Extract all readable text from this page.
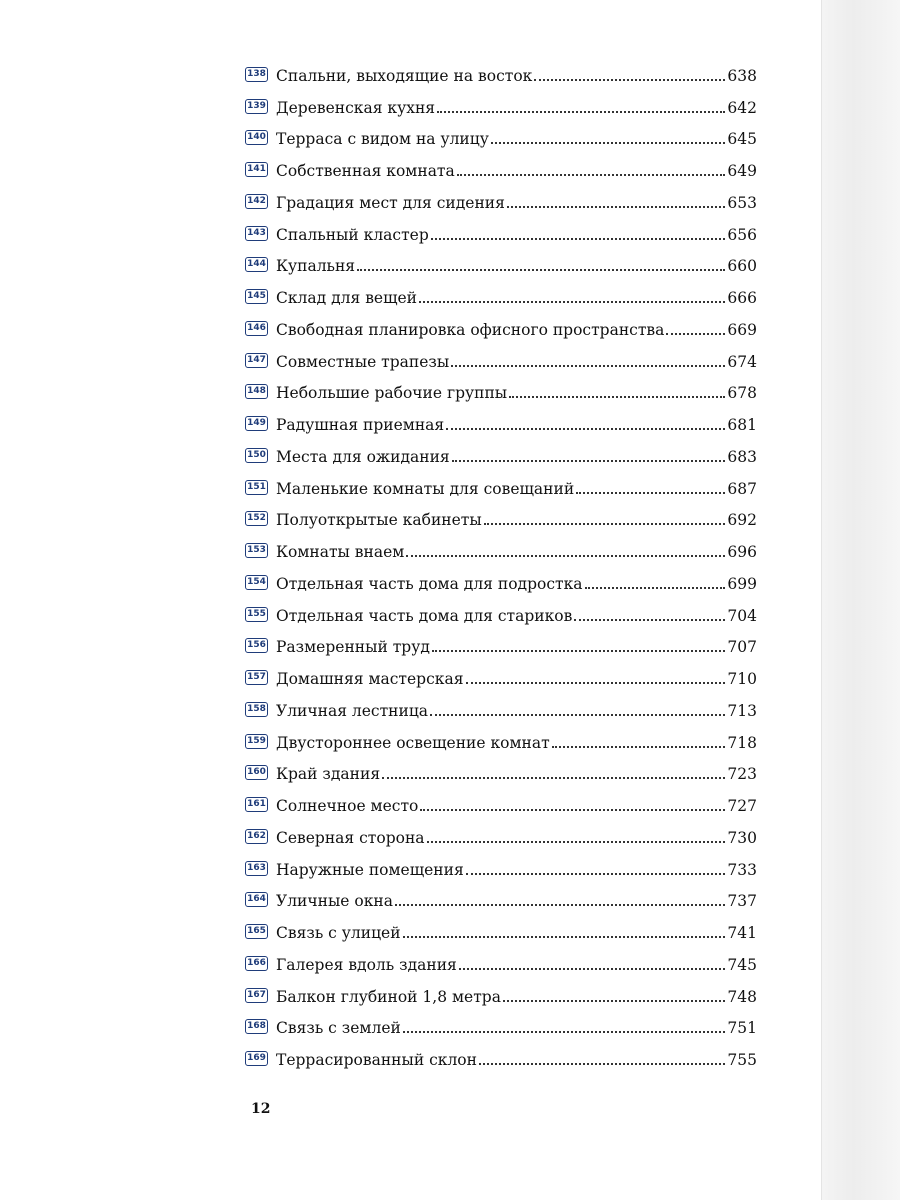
138 Спальни, выходящие на восток	638
139 Деревенская кухня	642
140 Терраса с видом на улицу	645
141 Собственная комната	649
142 Градация мест для сидения	653
143 Спальный кластер	656
144 Купальня	660
145 Склад для вещей	666
146 Свободная планировка офисного пространства	669
147 Совместные трапезы	674
148 Небольшие рабочие группы	678
149 Радушная приемная	681
150 Места для ожидания	683
151 Маленькие комнаты для совещаний	687
152 Полуоткрытые кабинеты	692
153 Комнаты внаем	696
154 Отдельная часть дома для подростка	699
155 Отдельная часть дома для стариков	704
156 Размеренный труд	707
157 Домашняя мастерская	710
158 Уличная лестница	713
159 Двустороннее освещение комнат	718
160 Край здания	723
161 Солнечное место	727
162 Северная сторона	730
163 Наружные помещения	733
164 Уличные окна	737
165 Связь с улицей	741
166 Галерея вдоль здания	745
167 Балкон глубиной 1,8 метра	748
168 Связь с землей	751
169 Террасированный склон	755
12
